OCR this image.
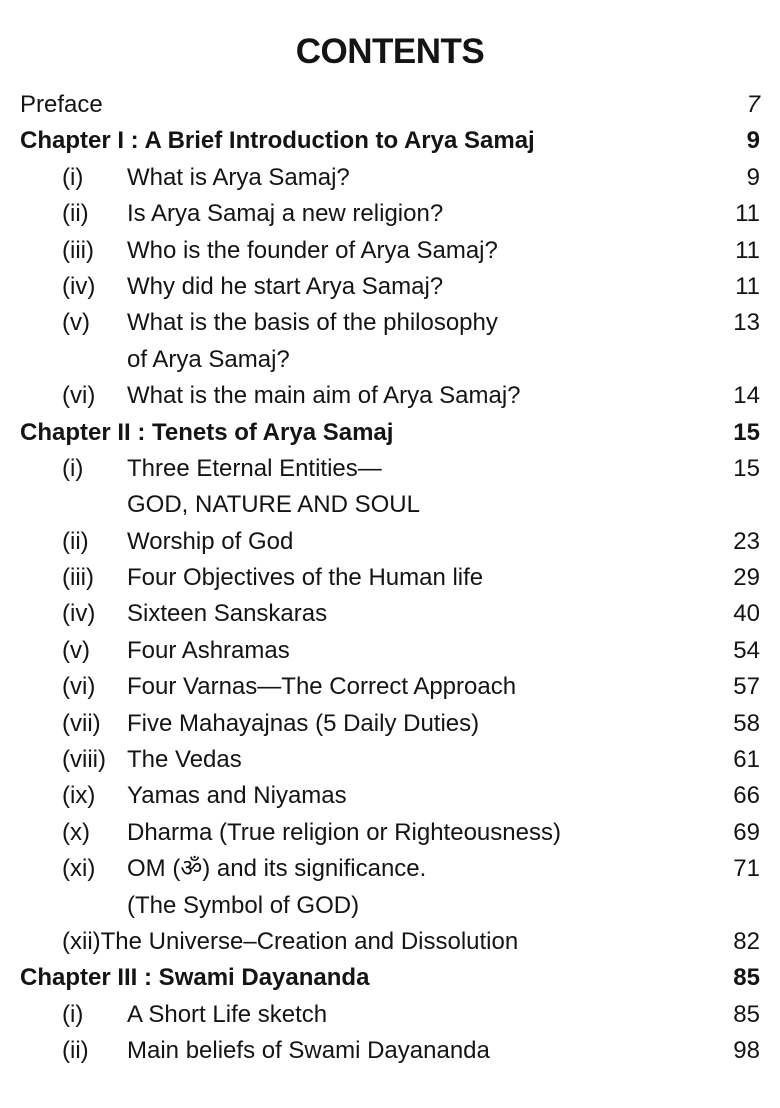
CONTENTS
Preface	7
Chapter I : A Brief Introduction to Arya Samaj	9
(i) What is Arya Samaj?	9
(ii) Is Arya Samaj a new religion?	11
(iii) Who is the founder of Arya Samaj?	11
(iv) Why did he start Arya Samaj?	11
(v) What is the basis of the philosophy	13
of Arya Samaj?
(vi) What is the main aim of Arya Samaj?	14
Chapter II : Tenets of Arya Samaj	15
(i) Three Eternal Entities—	15
GOD, NATURE AND SOUL
(ii) Worship of God	23
(iii) Four Objectives of the Human life	29
(iv) Sixteen Sanskaras	40
(v) Four Ashramas	54
(vi) Four Varnas—The Correct Approach	57
(vii) Five Mahayajnas (5 Daily Duties)	58
(viii) The Vedas	61
(ix) Yamas and Niyamas	66
(x) Dharma (True religion or Righteousness)	69
(xi) OM (ॐ) and its significance.	71
(The Symbol of GOD)
(xii)The Universe–Creation and Dissolution	82
Chapter III : Swami Dayananda	85
(i) A Short Life sketch	85
(ii) Main beliefs of Swami Dayananda	98
